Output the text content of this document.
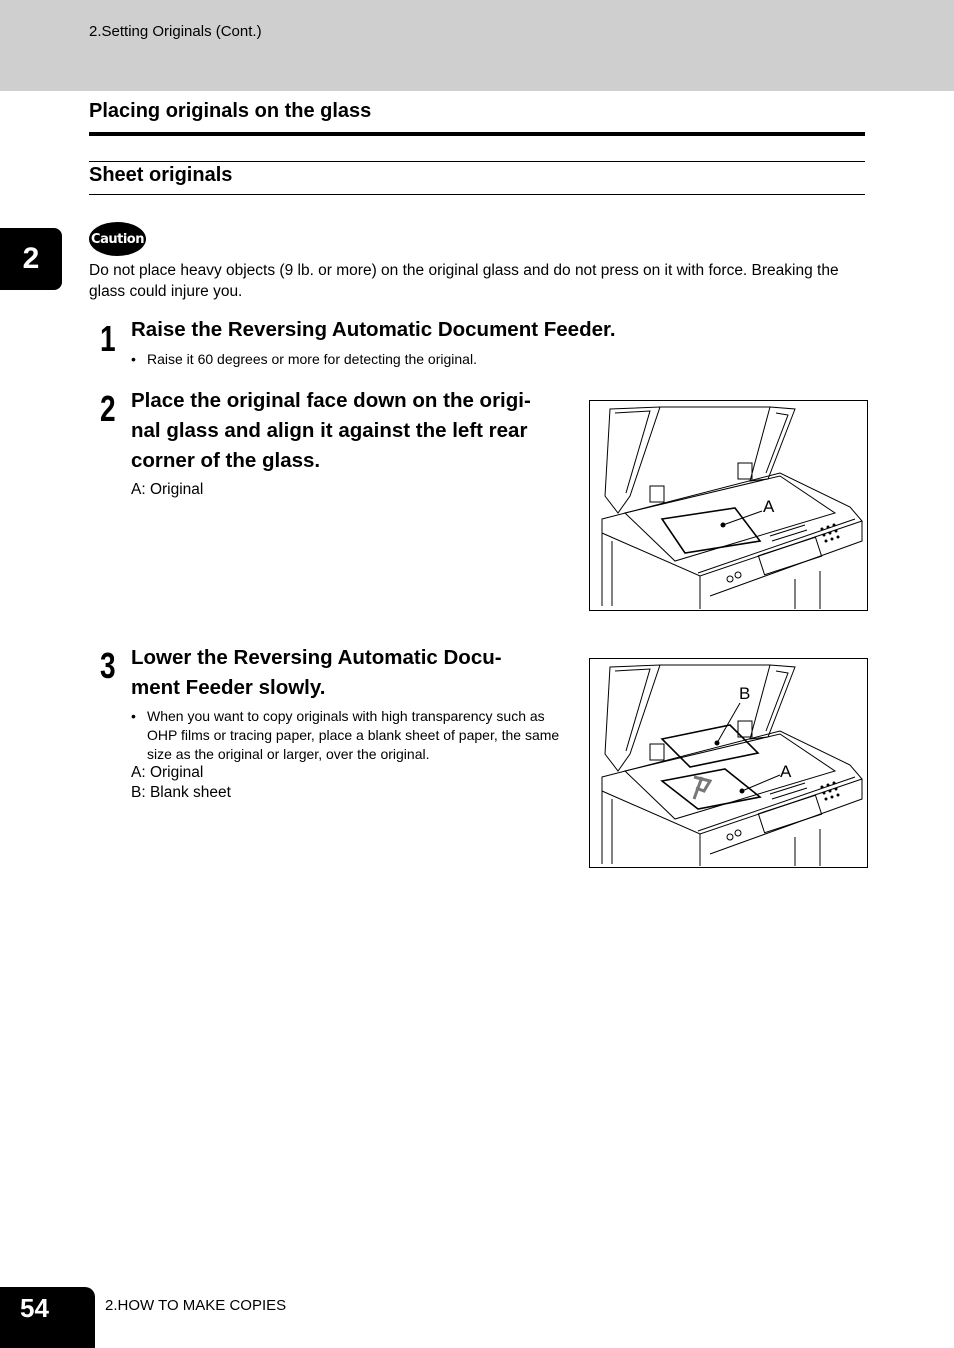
2.Setting Originals (Cont.)
Placing originals on the glass
Sheet originals
2
Caution
Do not place heavy objects (9 lb. or more) on the original glass and do not press on it with force. Breaking the glass could injure you.
1 Raise the Reversing Automatic Document Feeder.
• Raise it 60 degrees or more for detecting the original.
2 Place the original face down on the origi-
nal glass and align it against the left rear
corner of the glass.
A: Original
A
3 Lower the Reversing Automatic Docu-
ment Feeder slowly.
• When you want to copy originals with high transparency such as OHP films or tracing paper, place a blank sheet of paper, the same size as the original or larger, over the original.
A: Original
B: Blank sheet
A
B
54	2.HOW TO MAKE COPIES
